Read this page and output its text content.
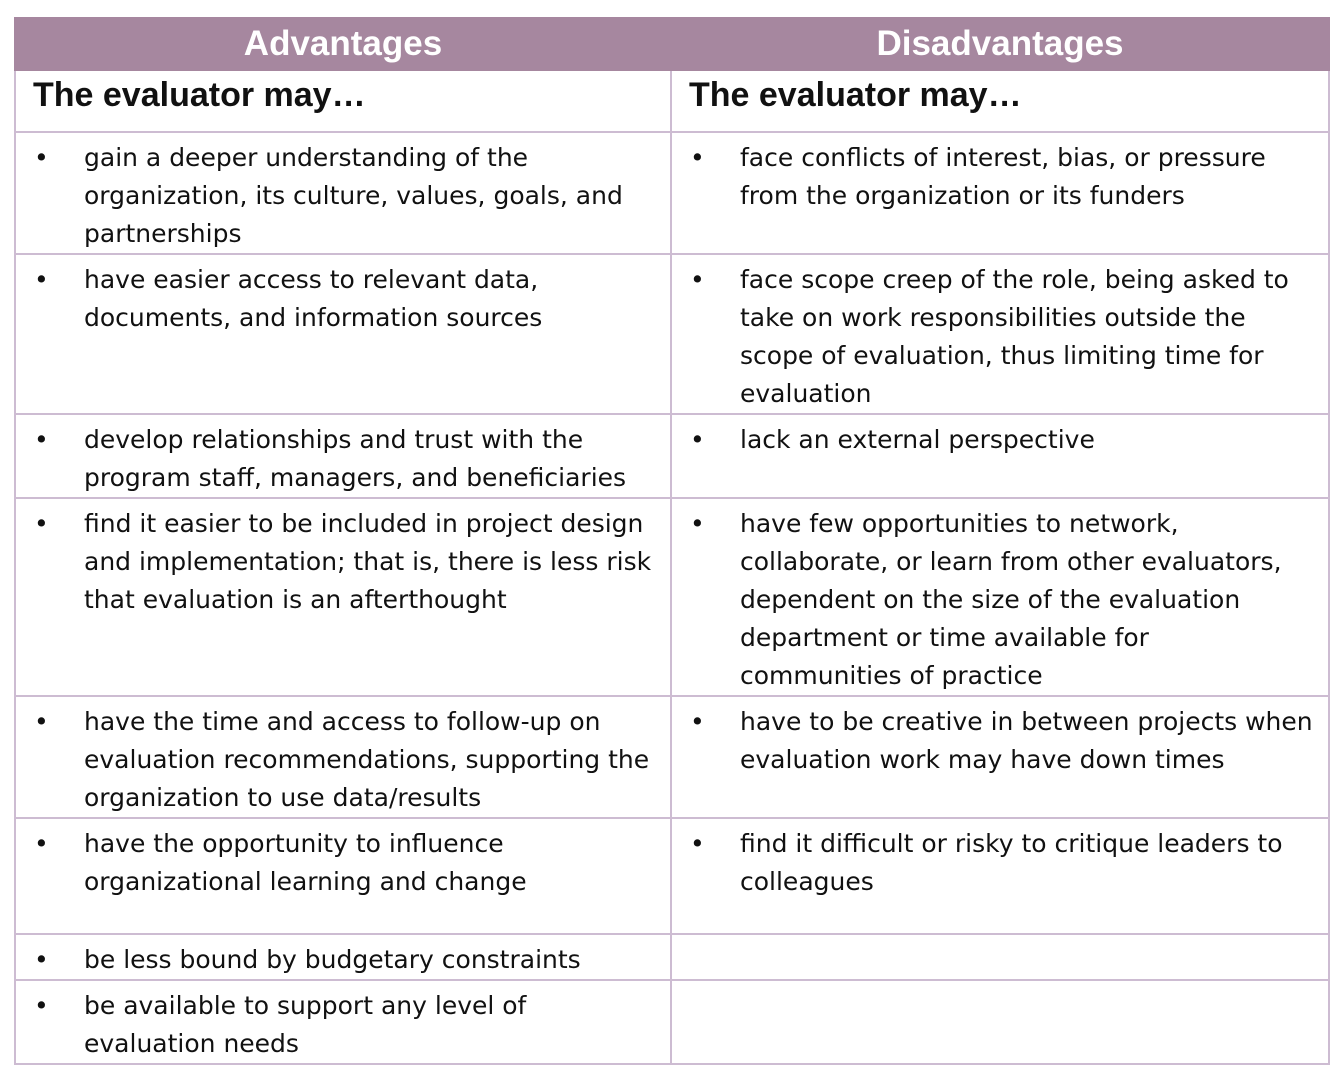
Advantages	Disadvantages
The evaluator may…	The evaluator may…

• gain a deeper understanding of the organization, its culture, values, goals, and partnerships	• face conflicts of interest, bias, or pressure from the organization or its funders

• have easier access to relevant data, documents, and information sources	• face scope creep of the role, being asked to take on work responsibilities outside the scope of evaluation, thus limiting time for evaluation

• develop relationships and trust with the program staff, managers, and beneficiaries	• lack an external perspective

• find it easier to be included in project design and implementation; that is, there is less risk that evaluation is an afterthought	• have few opportunities to network, collaborate, or learn from other evaluators, dependent on the size of the evaluation department or time available for communities of practice

• have the time and access to follow-up on evaluation recommendations, supporting the organization to use data/results	• have to be creative in between projects when evaluation work may have down times

• have the opportunity to influence organizational learning and change	• find it difficult or risky to critique leaders to colleagues

• be less bound by budgetary constraints	

• be available to support any level of evaluation needs	
